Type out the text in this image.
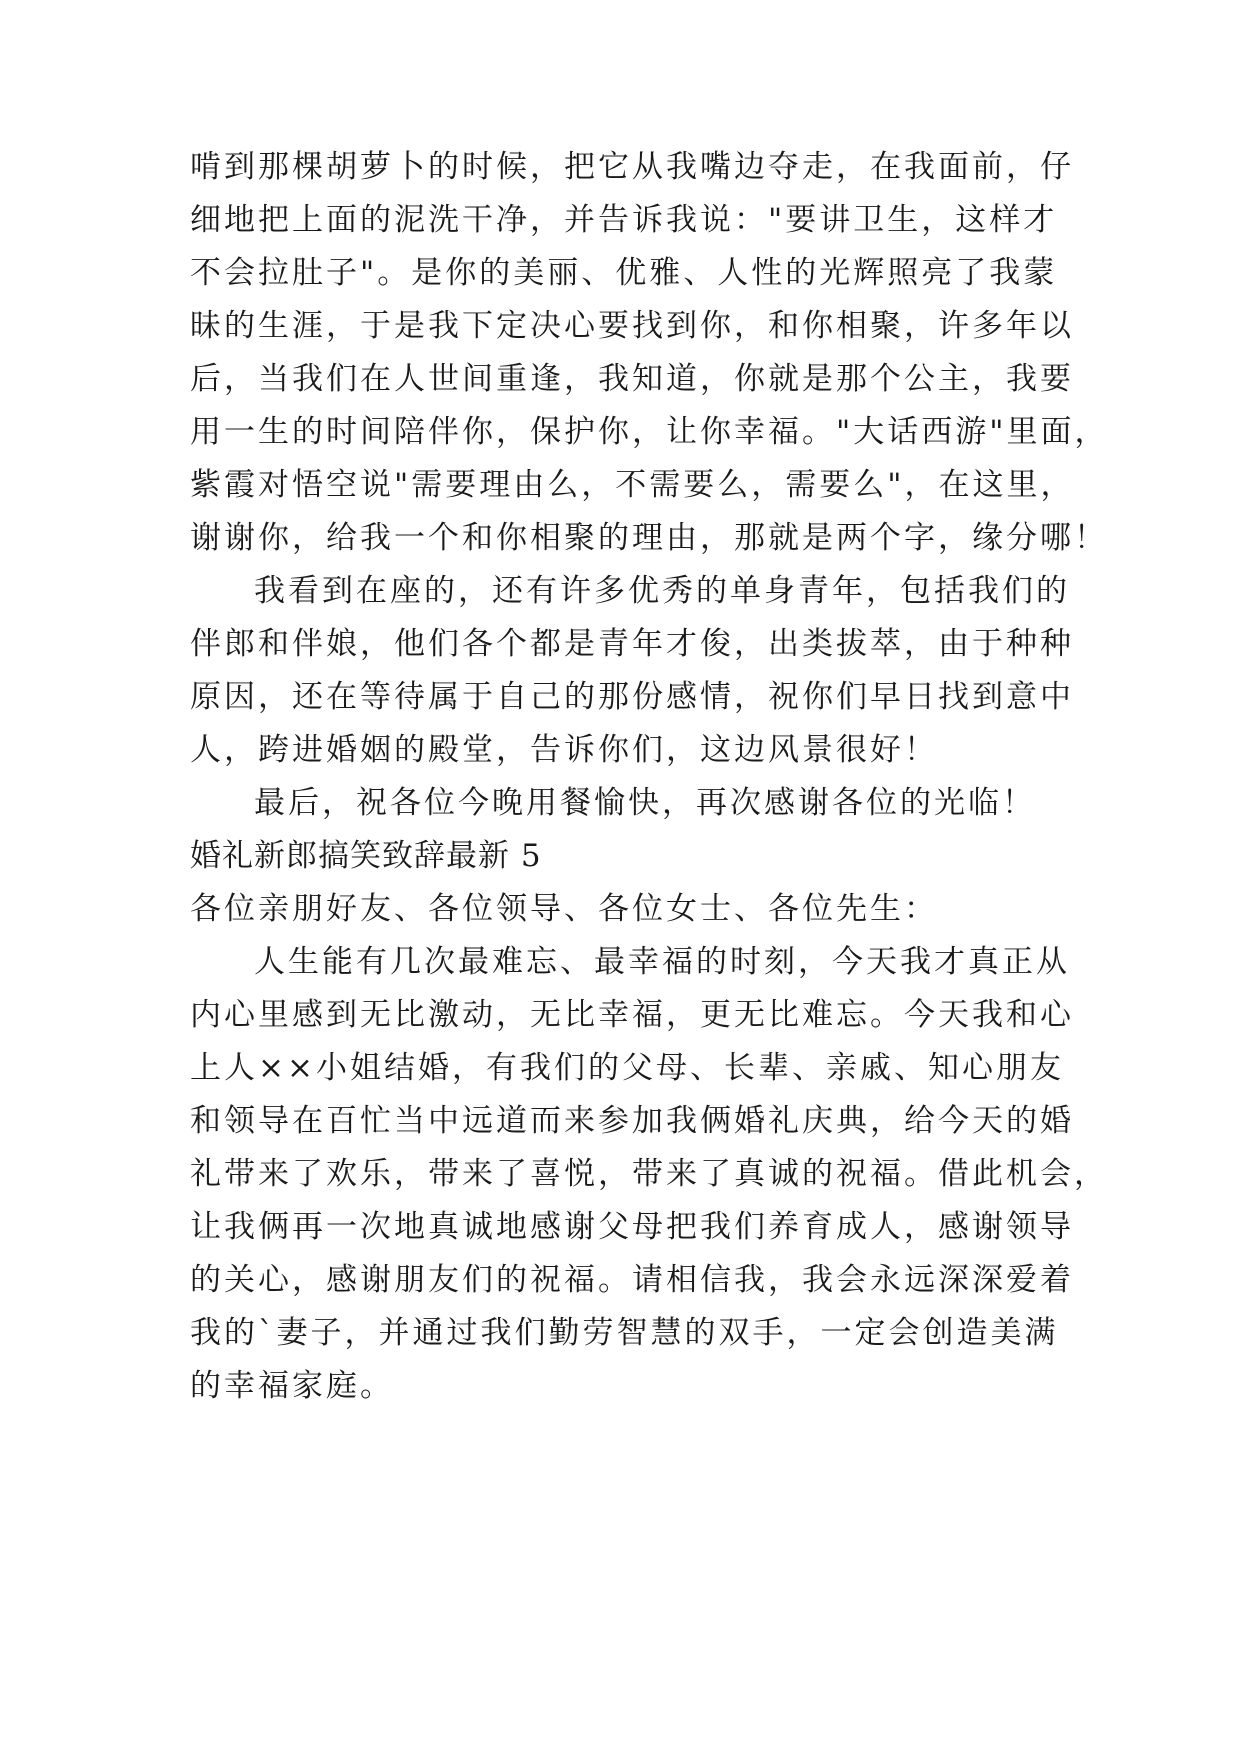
啃到那棵胡萝卜的时候，把它从我嘴边夺走，在我面前，仔
细地把上面的泥洗干净，并告诉我说："要讲卫生，这样才
不会拉肚子"。是你的美丽、优雅、人性的光辉照亮了我蒙
昧的生涯，于是我下定决心要找到你，和你相聚，许多年以
后，当我们在人世间重逢，我知道，你就是那个公主，我要
用一生的时间陪伴你，保护你，让你幸福。"大话西游"里面，
紫霞对悟空说"需要理由么，不需要么，需要么"，在这里，
谢谢你，给我一个和你相聚的理由，那就是两个字，缘分哪！
我看到在座的，还有许多优秀的单身青年，包括我们的
伴郎和伴娘，他们各个都是青年才俊，出类拔萃，由于种种
原因，还在等待属于自己的那份感情，祝你们早日找到意中
人，跨进婚姻的殿堂，告诉你们，这边风景很好！
最后，祝各位今晚用餐愉快，再次感谢各位的光临！
婚礼新郎搞笑致辞最新 5
各位亲朋好友、各位领导、各位女士、各位先生：
人生能有几次最难忘、最幸福的时刻，今天我才真正从
内心里感到无比激动，无比幸福，更无比难忘。今天我和心
上人××小姐结婚，有我们的父母、长辈、亲戚、知心朋友
和领导在百忙当中远道而来参加我俩婚礼庆典，给今天的婚
礼带来了欢乐，带来了喜悦，带来了真诚的祝福。借此机会，
让我俩再一次地真诚地感谢父母把我们养育成人，感谢领导
的关心，感谢朋友们的祝福。请相信我，我会永远深深爱着
我的`妻子，并通过我们勤劳智慧的双手，一定会创造美满
的幸福家庭。
